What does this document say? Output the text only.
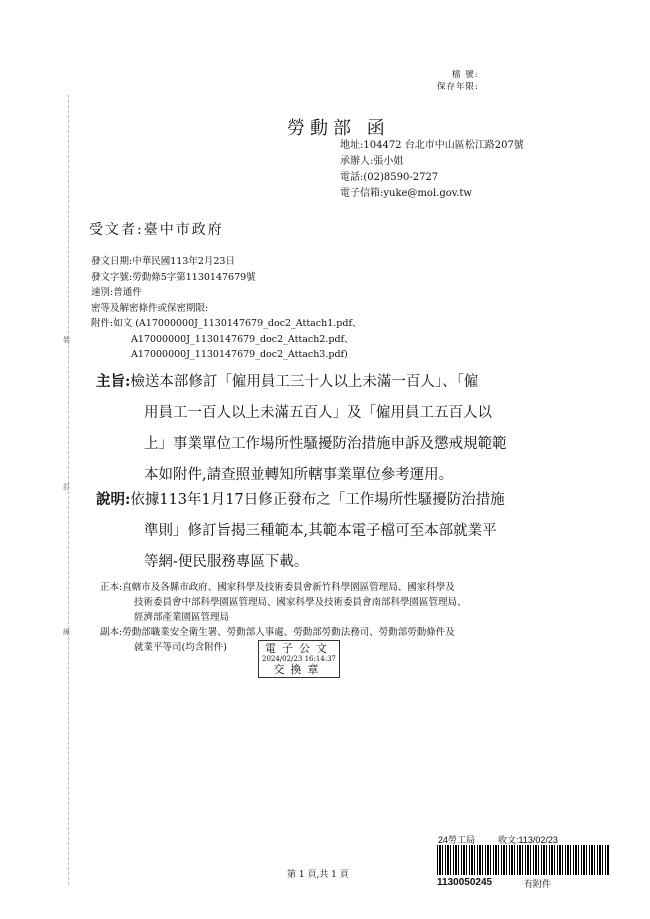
裝
訂
線
檔 號:
保存年限:
勞動部 函
地址:104472 台北市中山區松江路207號
承辦人:張小姐
電話:(02)8590-2727
電子信箱:yuke@mol.gov.tw
受文者:臺中市政府
發文日期:中華民國113年2月23日
發文字號:勞動條5字第1130147679號
速別:普通件
密等及解密條件或保密期限:
附件:如文 (A17000000J_1130147679_doc2_Attach1.pdf、
A17000000J_1130147679_doc2_Attach2.pdf、
A17000000J_1130147679_doc2_Attach3.pdf)
主旨:檢送本部修訂「僱用員工三十人以上未滿一百人」、「僱
用員工一百人以上未滿五百人」及「僱用員工五百人以
上」事業單位工作場所性騷擾防治措施申訴及懲戒規範範
本如附件,請查照並轉知所轄事業單位參考運用。
說明:依據113年1月17日修正發布之「工作場所性騷擾防治措施
準則」修訂旨揭三種範本,其範本電子檔可至本部就業平
等網-便民服務專區下載。
正本:直轄市及各縣市政府、國家科學及技術委員會新竹科學園區管理局、國家科學及
技術委員會中部科學園區管理局、國家科學及技術委員會南部科學園區管理局、
經濟部產業園區管理局
副本:勞動部職業安全衛生署、勞動部人事處、勞動部勞動法務司、勞動部勞動條件及
就業平等司(均含附件)	電子公文
2024/02/23 16:14:37
交換章
第 1 頁,共 1 頁
24勞工局	收文:113/02/23
1130050245	有附件
